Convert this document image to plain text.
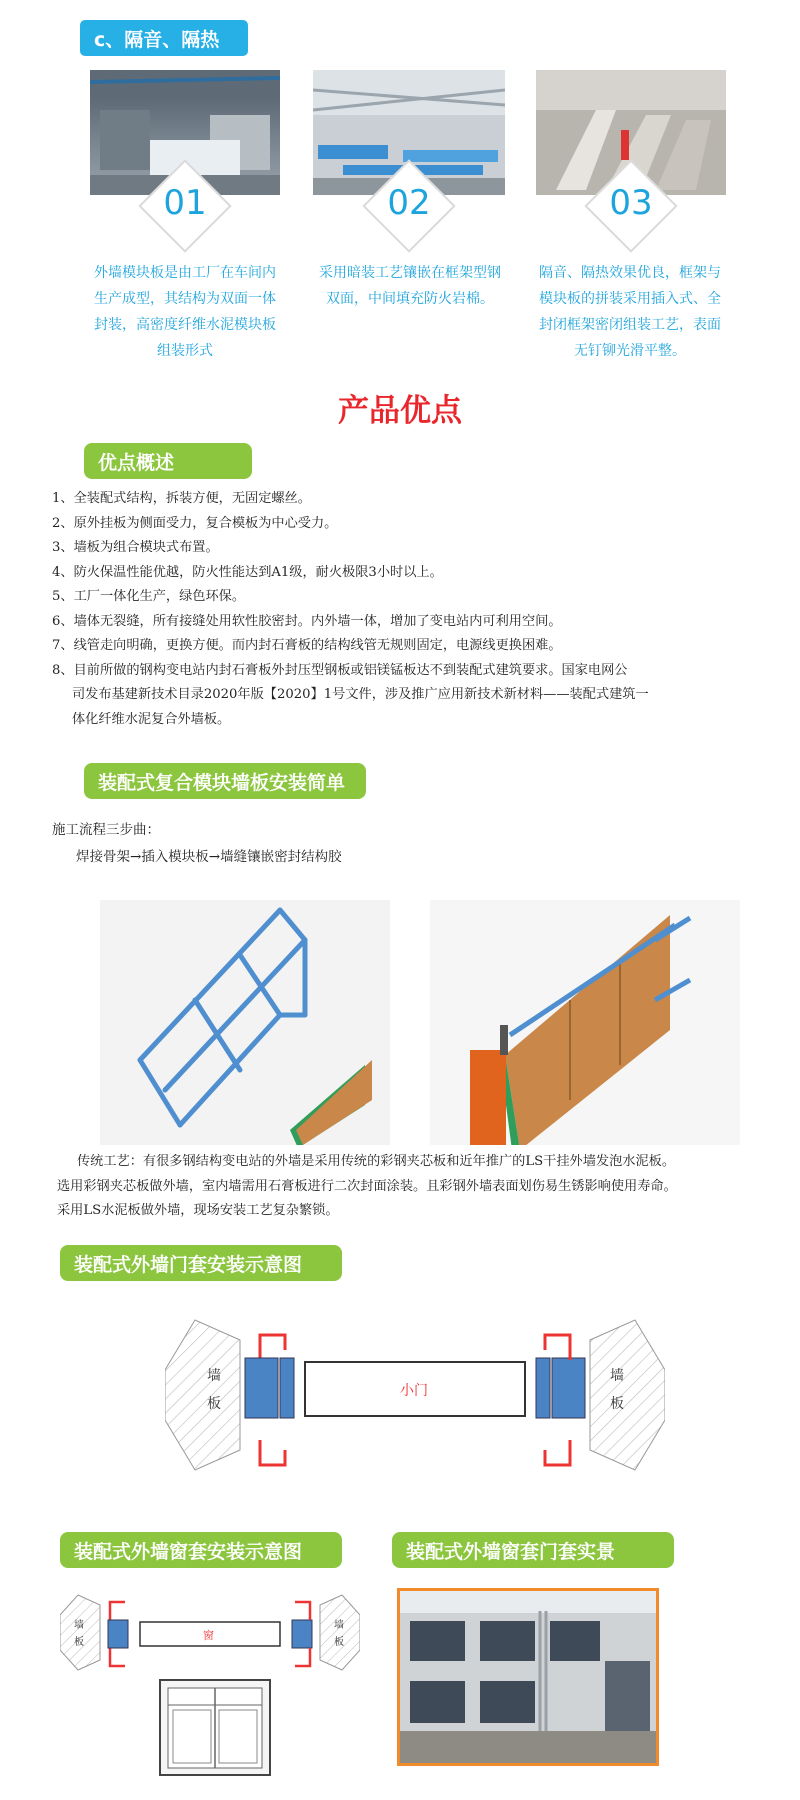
c、隔音、隔热
01	02	03
外墙模块板是由工厂在车间内
生产成型，其结构为双面一体
封装，高密度纤维水泥模块板
组装形式
采用暗装工艺镶嵌在框架型钢
双面，中间填充防火岩棉。
隔音、隔热效果优良，框架与
模块板的拼装采用插入式、全
封闭框架密闭组装工艺，表面
无钉铆光滑平整。
产品优点
优点概述
1、全装配式结构，拆装方便，无固定螺丝。
2、原外挂板为侧面受力，复合模板为中心受力。
3、墙板为组合模块式布置。
4、防火保温性能优越，防火性能达到A1级，耐火极限3小时以上。
5、工厂一体化生产，绿色环保。
6、墙体无裂缝，所有接缝处用软性胶密封。内外墙一体，增加了变电站内可利用空间。
7、线管走向明确，更换方便。而内封石膏板的结构线管无规则固定，电源线更换困难。
8、目前所做的钢构变电站内封石膏板外封压型钢板或铝镁锰板达不到装配式建筑要求。国家电网公
司发布基建新技术目录2020年版【2020】1号文件，涉及推广应用新技术新材料——装配式建筑一
体化纤维水泥复合外墙板。
装配式复合模块墙板安装简单
施工流程三步曲：
焊接骨架→插入模块板→墙缝镶嵌密封结构胶
传统工艺：有很多钢结构变电站的外墙是采用传统的彩钢夹芯板和近年推广的LS干挂外墙发泡水泥板。
选用彩钢夹芯板做外墙，室内墙需用石膏板进行二次封面涂装。且彩钢外墙表面划伤易生锈影响使用寿命。
采用LS水泥板做外墙，现场安装工艺复杂繁锁。
装配式外墙门套安装示意图
墙
板
小门
墙
板
装配式外墙窗套安装示意图	装配式外墙窗套门套实景
墙
板
窗
墙
板
